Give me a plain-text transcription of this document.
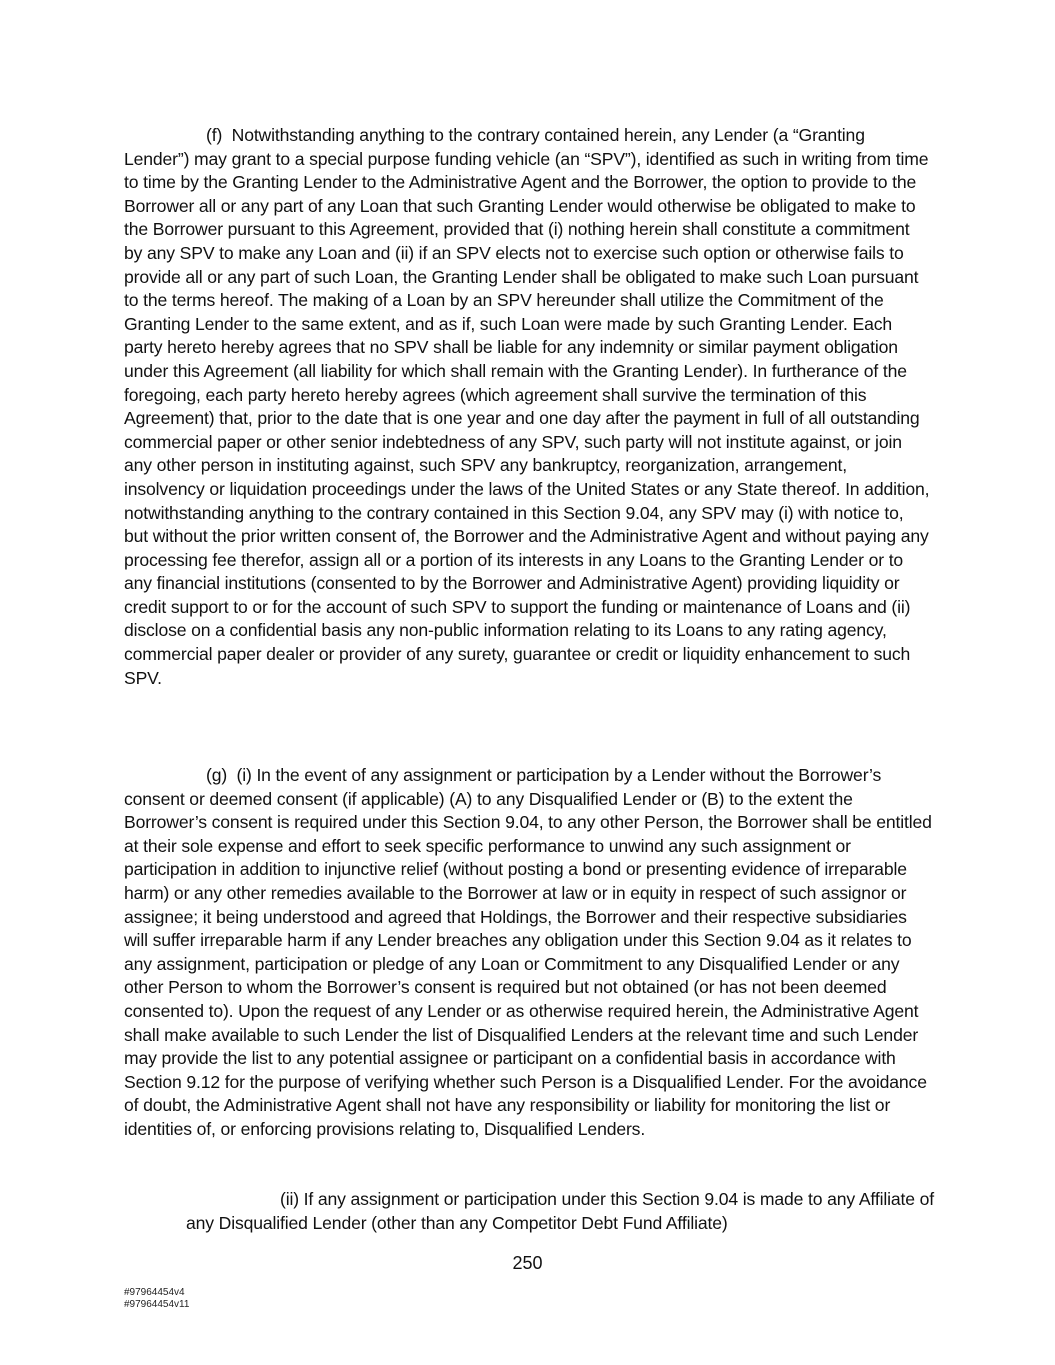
(f)  Notwithstanding anything to the contrary contained herein, any Lender (a “Granting Lender”) may grant to a special purpose funding vehicle (an “SPV”), identified as such in writing from time to time by the Granting Lender to the Administrative Agent and the Borrower, the option to provide to the Borrower all or any part of any Loan that such Granting Lender would otherwise be obligated to make to the Borrower pursuant to this Agreement, provided that (i) nothing herein shall constitute a commitment by any SPV to make any Loan and (ii) if an SPV elects not to exercise such option or otherwise fails to provide all or any part of such Loan, the Granting Lender shall be obligated to make such Loan pursuant to the terms hereof. The making of a Loan by an SPV hereunder shall utilize the Commitment of the Granting Lender to the same extent, and as if, such Loan were made by such Granting Lender. Each party hereto hereby agrees that no SPV shall be liable for any indemnity or similar payment obligation under this Agreement (all liability for which shall remain with the Granting Lender). In furtherance of the foregoing, each party hereto hereby agrees (which agreement shall survive the termination of this Agreement) that, prior to the date that is one year and one day after the payment in full of all outstanding commercial paper or other senior indebtedness of any SPV, such party will not institute against, or join any other person in instituting against, such SPV any bankruptcy, reorganization, arrangement, insolvency or liquidation proceedings under the laws of the United States or any State thereof. In addition, notwithstanding anything to the contrary contained in this Section 9.04, any SPV may (i) with notice to, but without the prior written consent of, the Borrower and the Administrative Agent and without paying any processing fee therefor, assign all or a portion of its interests in any Loans to the Granting Lender or to any financial institutions (consented to by the Borrower and Administrative Agent) providing liquidity or credit support to or for the account of such SPV to support the funding or maintenance of Loans and (ii) disclose on a confidential basis any non-public information relating to its Loans to any rating agency, commercial paper dealer or provider of any surety, guarantee or credit or liquidity enhancement to such SPV.

(g)  (i) In the event of any assignment or participation by a Lender without the Borrower’s consent or deemed consent (if applicable) (A) to any Disqualified Lender or (B) to the extent the Borrower’s consent is required under this Section 9.04, to any other Person, the Borrower shall be entitled at their sole expense and effort to seek specific performance to unwind any such assignment or participation in addition to injunctive relief (without posting a bond or presenting evidence of irreparable harm) or any other remedies available to the Borrower at law or in equity in respect of such assignor or assignee; it being understood and agreed that Holdings, the Borrower and their respective subsidiaries will suffer irreparable harm if any Lender breaches any obligation under this Section 9.04 as it relates to any assignment, participation or pledge of any Loan or Commitment to any Disqualified Lender or any other Person to whom the Borrower’s consent is required but not obtained (or has not been deemed consented to). Upon the request of any Lender or as otherwise required herein, the Administrative Agent shall make available to such Lender the list of Disqualified Lenders at the relevant time and such Lender may provide the list to any potential assignee or participant on a confidential basis in accordance with Section 9.12 for the purpose of verifying whether such Person is a Disqualified Lender. For the avoidance of doubt, the Administrative Agent shall not have any responsibility or liability for monitoring the list or identities of, or enforcing provisions relating to, Disqualified Lenders.

(ii) If any assignment or participation under this Section 9.04 is made to any Affiliate of any Disqualified Lender (other than any Competitor Debt Fund Affiliate)

250
#97964454v4
#97964454v11
